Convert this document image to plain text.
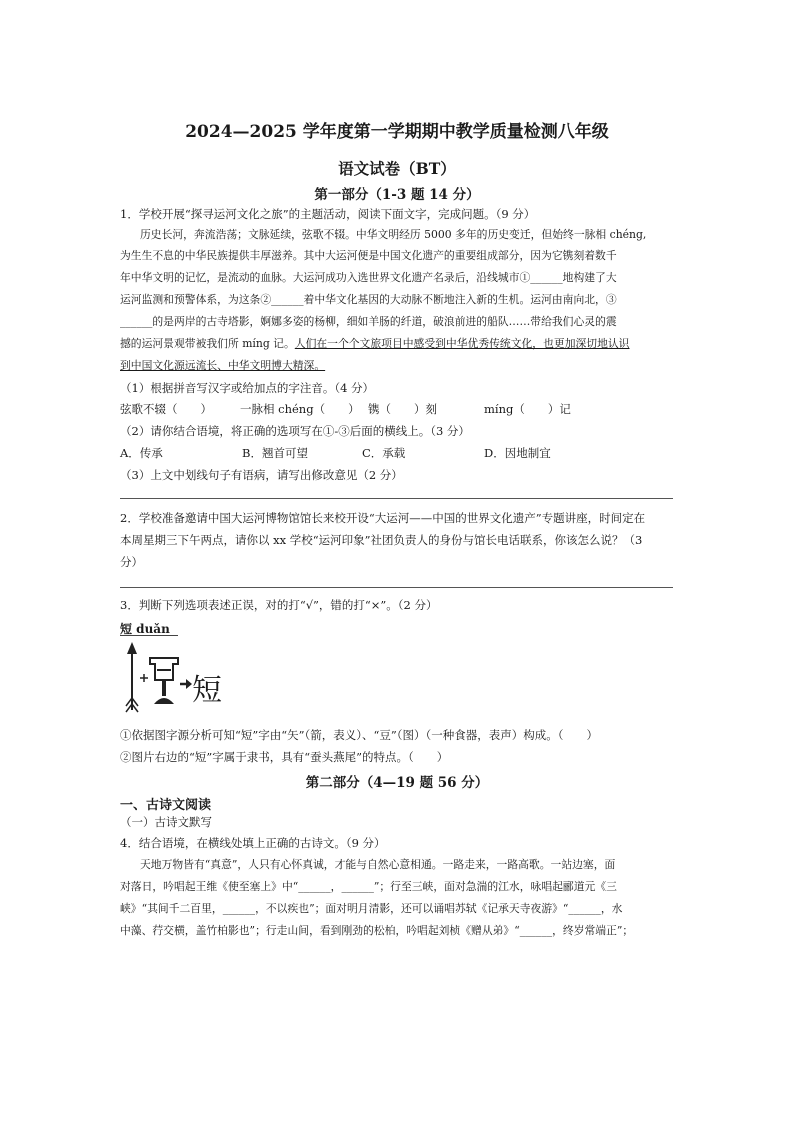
2024—2025 学年度第一学期期中教学质量检测八年级
语文试卷（BT）
第一部分（1-3 题 14 分）
1．学校开展“探寻运河文化之旅”的主题活动，阅读下面文字，完成问题。（9 分）
历史长河，奔流浩荡；文脉延续，弦歌不辍。中华文明经历 5000 多年的历史变迁，但始终一脉相 chéng,
为生生不息的中华民族提供丰厚滋养。其中大运河便是中国文化遗产的重要组成部分，因为它镌刻着数千
年中华文明的记忆，是流动的血脉。大运河成功入选世界文化遗产名录后，沿线城市①______地构建了大
运河监测和预警体系，为这条②______着中华文化基因的大动脉不断地注入新的生机。运河由南向北，③
______的是两岸的古寺塔影，婀娜多姿的杨柳，细如羊肠的纤道，破浪前进的船队……带给我们心灵的震
撼的运河景观带被我们所 míng 记。人们在一个个文旅项目中感受到中华优秀传统文化，也更加深切地认识
到中国文化源远流长、中华文明博大精深。
（1）根据拼音写汉字或给加点的字注音。（4 分）
弦歌不辍（　　） 一脉相 chéng（　　） 镌（　　）刻	míng（　　）记
（2）请你结合语境，将正确的选项写在①-③后面的横线上。（3 分）
A．传承	B．翘首可望	C．承载	D．因地制宜
（3）上文中划线句子有语病，请写出修改意见（2 分）
2．学校准备邀请中国大运河博物馆馆长来校开设“大运河——中国的世界文化遗产”专题讲座，时间定在
本周星期三下午两点，请你以 xx 学校“运河印象”社团负责人的身份与馆长电话联系，你该怎么说？（3
分）
3．判断下列选项表述正误，对的打“√”，错的打“×”。（2 分）
短 duǎn
短
①依据图字源分析可知“短”字由“矢”（箭，表义）、“豆”（图）（一种食器，表声）构成。（　　）
②图片右边的“短”字属于隶书，具有“蚕头燕尾”的特点。（　　）
第二部分（4—19 题 56 分）
一、古诗文阅读
（一）古诗文默写
4．结合语境，在横线处填上正确的古诗文。（9 分）
天地万物皆有“真意”，人只有心怀真诚，才能与自然心意相通。一路走来，一路高歌。一站边塞，面
对落日，吟唱起王维《使至塞上》中“______，______”；行至三峡，面对急湍的江水，咏唱起郦道元《三
峡》“其间千二百里，______，不以疾也”；面对明月清影，还可以诵唱苏轼《记承天寺夜游》“______，水
中藻、荇交横，盖竹柏影也”；行走山间，看到刚劲的松柏，吟唱起刘桢《赠从弟》“______，终岁常端正”；
